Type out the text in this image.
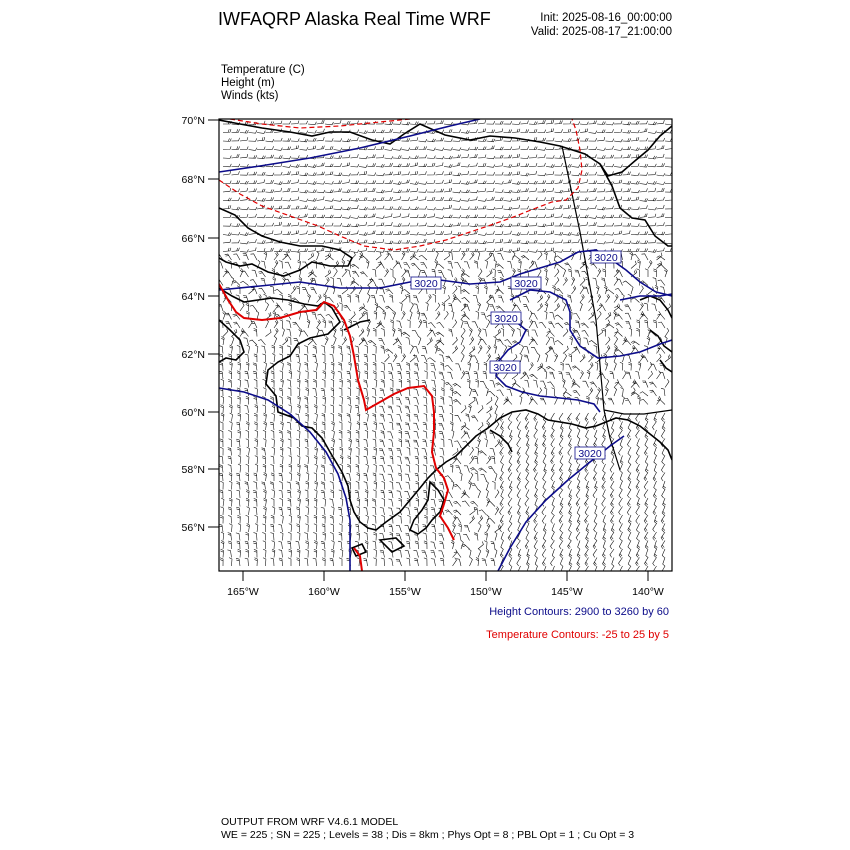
IWFAQRP Alaska Real Time WRF	Init: 2025-08-16_00:00:00
Valid: 2025-08-17_21:00:00
Temperature (C)
Height (m)
Winds (kts)
3020	3020
3020
3020
3020
3020
70°N
68°N
66°N
64°N
62°N
60°N
58°N
56°N
165°W	160°W	155°W	150°W	145°W	140°W
Height Contours: 2900 to 3260 by 60
Temperature Contours: -25 to 25 by 5
OUTPUT FROM WRF V4.6.1 MODEL
WE = 225 ; SN = 225 ; Levels = 38 ; Dis = 8km ; Phys Opt = 8 ; PBL Opt = 1 ; Cu Opt = 3
